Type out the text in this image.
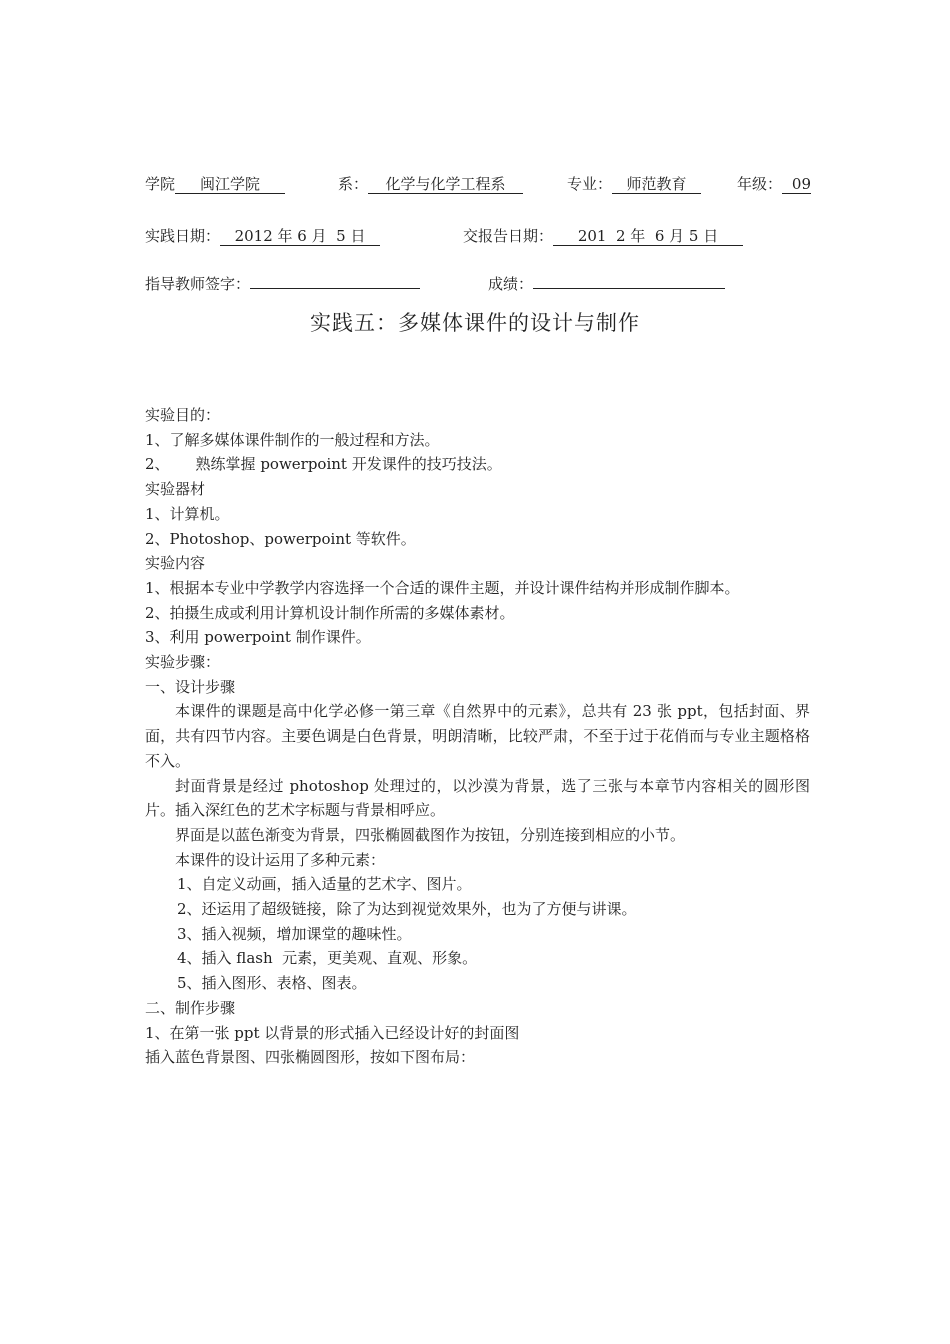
学院 闽江学院	系： 化学与化学工程系	专业： 师范教育	年级： 09
实践日期： 2012 年 6 月  5 日	交报告日期： 201  2 年  6 月 5 日
指导教师签字：	成绩：
实践五：多媒体课件的设计与制作

实验目的：

1、了解多媒体课件制作的一般过程和方法。

2、 熟练掌握 powerpoint 开发课件的技巧技法。

实验器材

1、计算机。

2、Photoshop、powerpoint 等软件。

实验内容

1、根据本专业中学教学内容选择一个合适的课件主题，并设计课件结构并形成制作脚本。

2、拍摄生成或利用计算机设计制作所需的多媒体素材。

3、利用 powerpoint 制作课件。

实验步骤：

一、设计步骤

本课件的课题是高中化学必修一第三章《自然界中的元素》，总共有 23 张 ppt，包括封面、界面，共有四节内容。主要色调是白色背景，明朗清晰，比较严肃，不至于过于花俏而与专业主题格格不入。

封面背景是经过 photoshop 处理过的，以沙漠为背景，选了三张与本章节内容相关的圆形图片。插入深红色的艺术字标题与背景相呼应。

界面是以蓝色渐变为背景，四张椭圆截图作为按钮，分别连接到相应的小节。

本课件的设计运用了多种元素：

1、自定义动画，插入适量的艺术字、图片。

2、还运用了超级链接，除了为达到视觉效果外，也为了方便与讲课。

3、插入视频，增加课堂的趣味性。

4、插入 flash  元素，更美观、直观、形象。

5、插入图形、表格、图表。

二、制作步骤

1、在第一张 ppt 以背景的形式插入已经设计好的封面图

插入蓝色背景图、四张椭圆图形，按如下图布局：
